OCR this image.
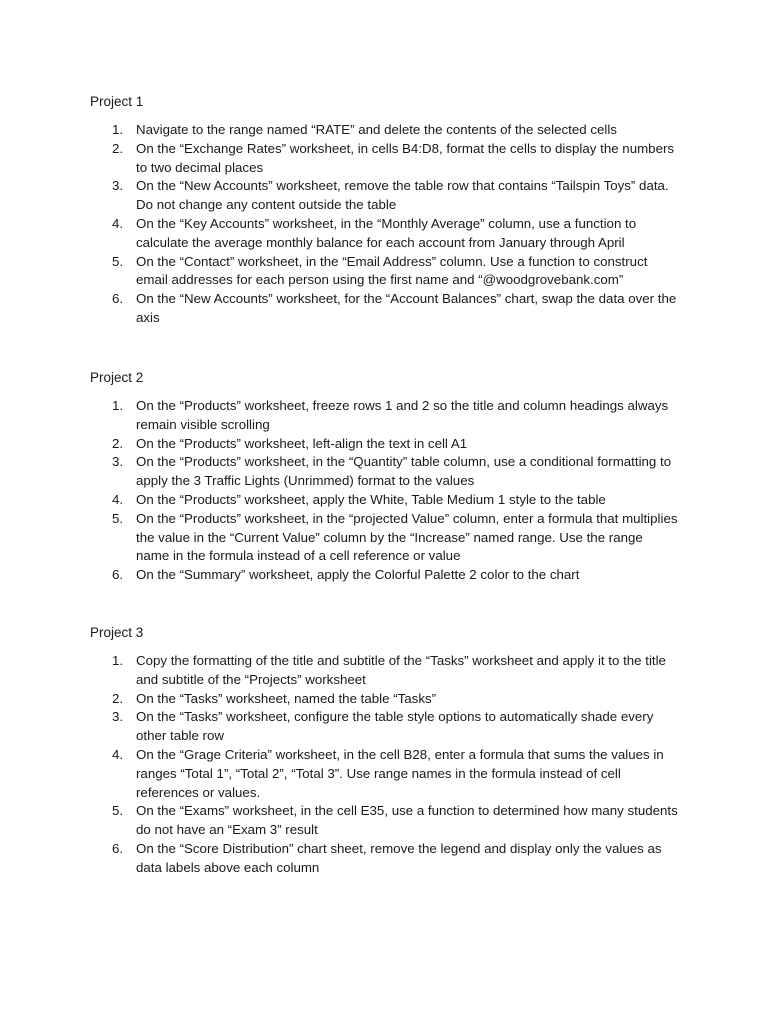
Project 1
1. Navigate to the range named “RATE” and delete the contents of the selected cells
2. On the “Exchange Rates” worksheet, in cells B4:D8, format the cells to display the numbers to two decimal places
3. On the “New Accounts” worksheet, remove the table row that contains “Tailspin Toys” data. Do not change any content outside the table
4. On the “Key Accounts” worksheet, in the “Monthly Average” column, use a function to calculate the average monthly balance for each account from January through April
5. On the “Contact” worksheet, in the “Email Address” column. Use a function to construct email addresses for each person using the first name and “@woodgrovebank.com”
6. On the “New Accounts” worksheet, for the “Account Balances” chart, swap the data over the axis
Project 2
1. On the “Products” worksheet, freeze rows 1 and 2 so the title and column headings always remain visible scrolling
2. On the “Products” worksheet, left-align the text in cell A1
3. On the “Products” worksheet, in the “Quantity” table column, use a conditional formatting to apply the 3 Traffic Lights (Unrimmed) format to the values
4. On the “Products” worksheet, apply the White, Table Medium 1 style to the table
5. On the “Products” worksheet, in the “projected Value” column, enter a formula that multiplies the value in the “Current Value” column by the “Increase” named range. Use the range name in the formula instead of a cell reference or value
6. On the “Summary” worksheet, apply the Colorful Palette 2 color to the chart
Project 3
1. Copy the formatting of the title and subtitle of the “Tasks” worksheet and apply it to the title and subtitle of the “Projects” worksheet
2. On the “Tasks” worksheet, named the table “Tasks”
3. On the “Tasks” worksheet, configure the table style options to automatically shade every other table row
4. On the “Grage Criteria” worksheet, in the cell B28, enter a formula that sums the values in ranges “Total 1”, “Total 2”, “Total 3”. Use range names in the formula instead of cell references or values.
5. On the “Exams” worksheet, in the cell E35, use a function to determined how many students do not have an “Exam 3” result
6. On the “Score Distribution” chart sheet, remove the legend and display only the values as data labels above each column
